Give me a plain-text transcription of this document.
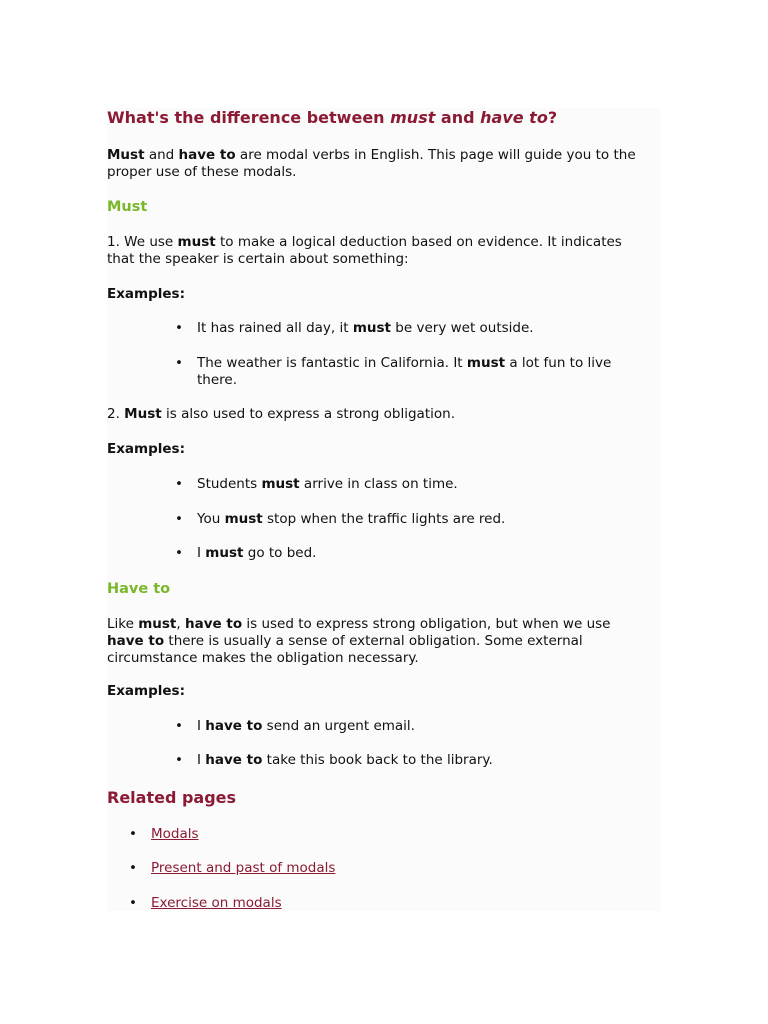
What's the difference between must and have to?

Must and have to are modal verbs in English. This page will guide you to the proper use of these modals.

Must

1. We use must to make a logical deduction based on evidence. It indicates that the speaker is certain about something:

Examples:
• It has rained all day, it must be very wet outside.
• The weather is fantastic in California. It must a lot fun to live there.

2. Must is also used to express a strong obligation.

Examples:
• Students must arrive in class on time.
• You must stop when the traffic lights are red.
• I must go to bed.
Have to

Like must, have to is used to express strong obligation, but when we use have to there is usually a sense of external obligation. Some external circumstance makes the obligation necessary.

Examples:
• I have to send an urgent email.
• I have to take this book back to the library.
Related pages
• Modals
• Present and past of modals
• Exercise on modals
